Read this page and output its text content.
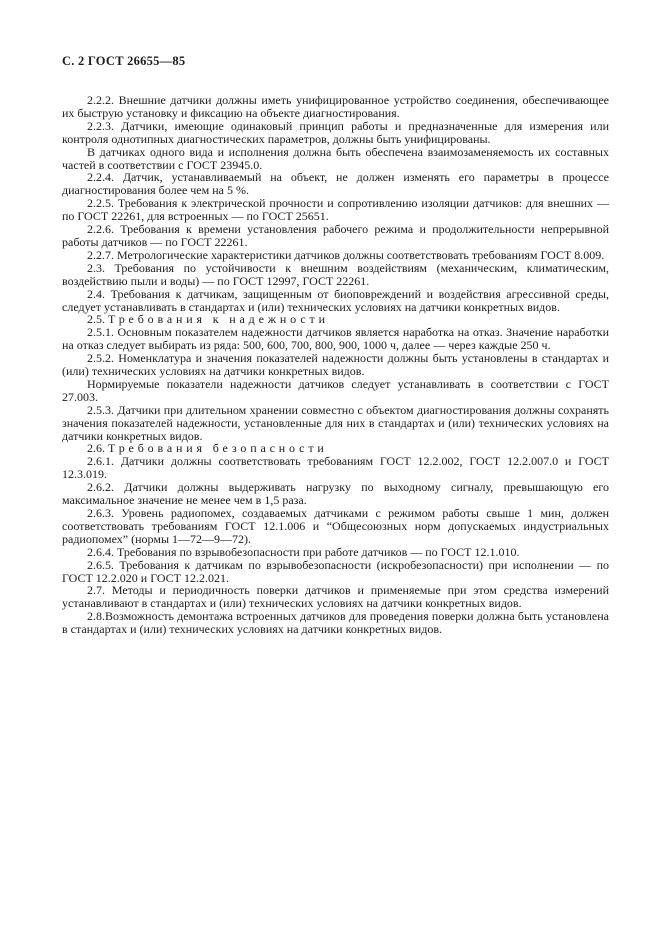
С. 2 ГОСТ 26655—85

2.2.2. Внешние датчики должны иметь унифицированное устройство соединения, обеспечивающее их быструю установку и фиксацию на объекте диагностирования.

2.2.3. Датчики, имеющие одинаковый принцип работы и предназначенные для измерения или контроля однотипных диагностических параметров, должны быть унифицированы.

В датчиках одного вида и исполнения должна быть обеспечена взаимозаменяемость их составных частей в соответствии с ГОСТ 23945.0.

2.2.4. Датчик, устанавливаемый на объект, не должен изменять его параметры в процессе диагностирования более чем на 5 %.

2.2.5. Требования к электрической прочности и сопротивлению изоляции датчиков: для внешних — по ГОСТ 22261, для встроенных — по ГОСТ 25651.

2.2.6. Требования к времени установления рабочего режима и продолжительности непрерывной работы датчиков — по ГОСТ 22261.

2.2.7. Метрологические характеристики датчиков должны соответствовать требованиям ГОСТ 8.009.

2.3. Требования по устойчивости к внешним воздействиям (механическим, климатическим, воздействию пыли и воды) — по ГОСТ 12997, ГОСТ 22261.

2.4. Требования к датчикам, защищенным от биоповреждений и воздействия агрессивной среды, следует устанавливать в стандартах и (или) технических условиях на датчики конкретных видов.

2.5. Требования к надежности

2.5.1. Основным показателем надежности датчиков является наработка на отказ. Значение наработки на отказ следует выбирать из ряда: 500, 600, 700, 800, 900, 1000 ч, далее — через каждые 250 ч.

2.5.2. Номенклатура и значения показателей надежности должны быть установлены в стандартах и (или) технических условиях на датчики конкретных видов.

Нормируемые показатели надежности датчиков следует устанавливать в соответствии с ГОСТ 27.003.

2.5.3. Датчики при длительном хранении совместно с объектом диагностирования должны сохранять значения показателей надежности, установленные для них в стандартах и (или) технических условиях на датчики конкретных видов.

2.6. Требования безопасности

2.6.1. Датчики должны соответствовать требованиям ГОСТ 12.2.002, ГОСТ 12.2.007.0 и ГОСТ 12.3.019.

2.6.2. Датчики должны выдерживать нагрузку по выходному сигналу, превышающую его максимальное значение не менее чем в 1,5 раза.

2.6.3. Уровень радиопомех, создаваемых датчиками с режимом работы свыше 1 мин, должен соответствовать требованиям ГОСТ 12.1.006 и “Общесоюзных норм допускаемых индустриальных радиопомех” (нормы 1—72—9—72).

2.6.4. Требования по взрывобезопасности при работе датчиков — по ГОСТ 12.1.010.

2.6.5. Требования к датчикам по взрывобезопасности (искробезопасности) при исполнении — по ГОСТ 12.2.020 и ГОСТ 12.2.021.

2.7. Методы и периодичность поверки датчиков и применяемые при этом средства измерений устанавливают в стандартах и (или) технических условиях на датчики конкретных видов.

2.8.Возможность демонтажа встроенных датчиков для проведения поверки должна быть установлена в стандартах и (или) технических условиях на датчики конкретных видов.
